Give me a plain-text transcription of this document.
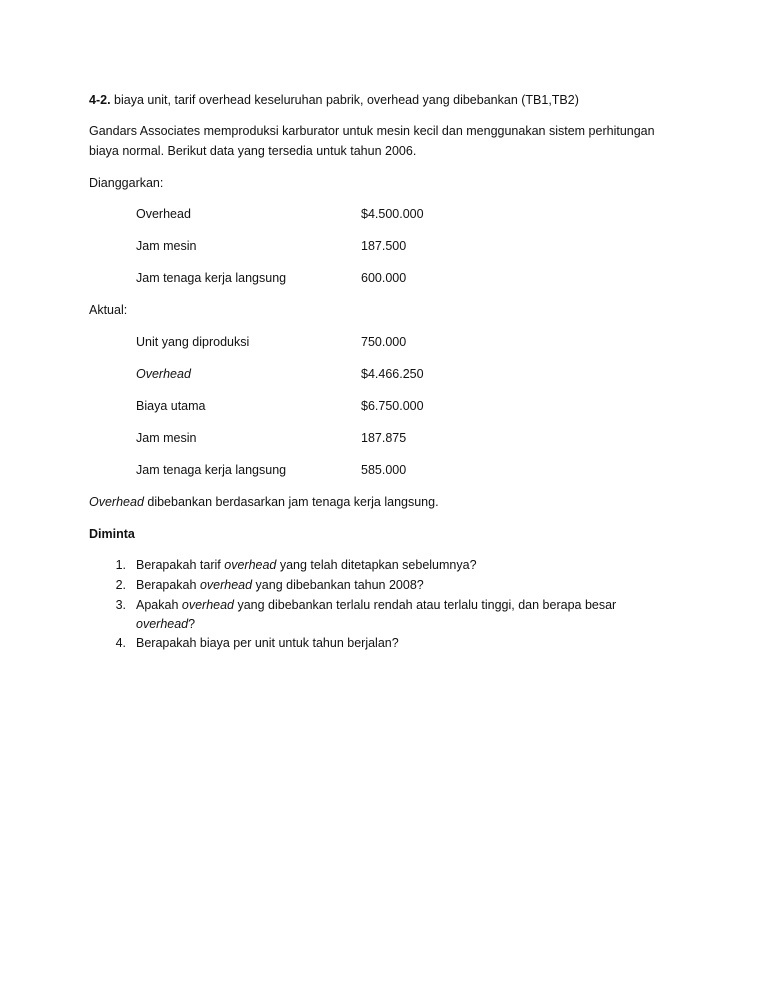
4-2. biaya unit, tarif overhead keseluruhan pabrik, overhead yang dibebankan (TB1,TB2)
Gandars Associates memproduksi karburator untuk mesin kecil dan menggunakan sistem perhitungan
biaya normal. Berikut data yang tersedia untuk tahun 2006.
Dianggarkan:
Overhead	$4.500.000
Jam mesin	187.500
Jam tenaga kerja langsung	600.000
Aktual:
Unit yang diproduksi	750.000
Overhead	$4.466.250
Biaya utama	$6.750.000
Jam mesin	187.875
Jam tenaga kerja langsung	585.000
Overhead dibebankan berdasarkan jam tenaga kerja langsung.
Diminta
1. Berapakah tarif overhead yang telah ditetapkan sebelumnya?
2. Berapakah overhead yang dibebankan tahun 2008?
3. Apakah overhead yang dibebankan terlalu rendah atau terlalu tinggi, dan berapa besar
overhead?
4. Berapakah biaya per unit untuk tahun berjalan?
